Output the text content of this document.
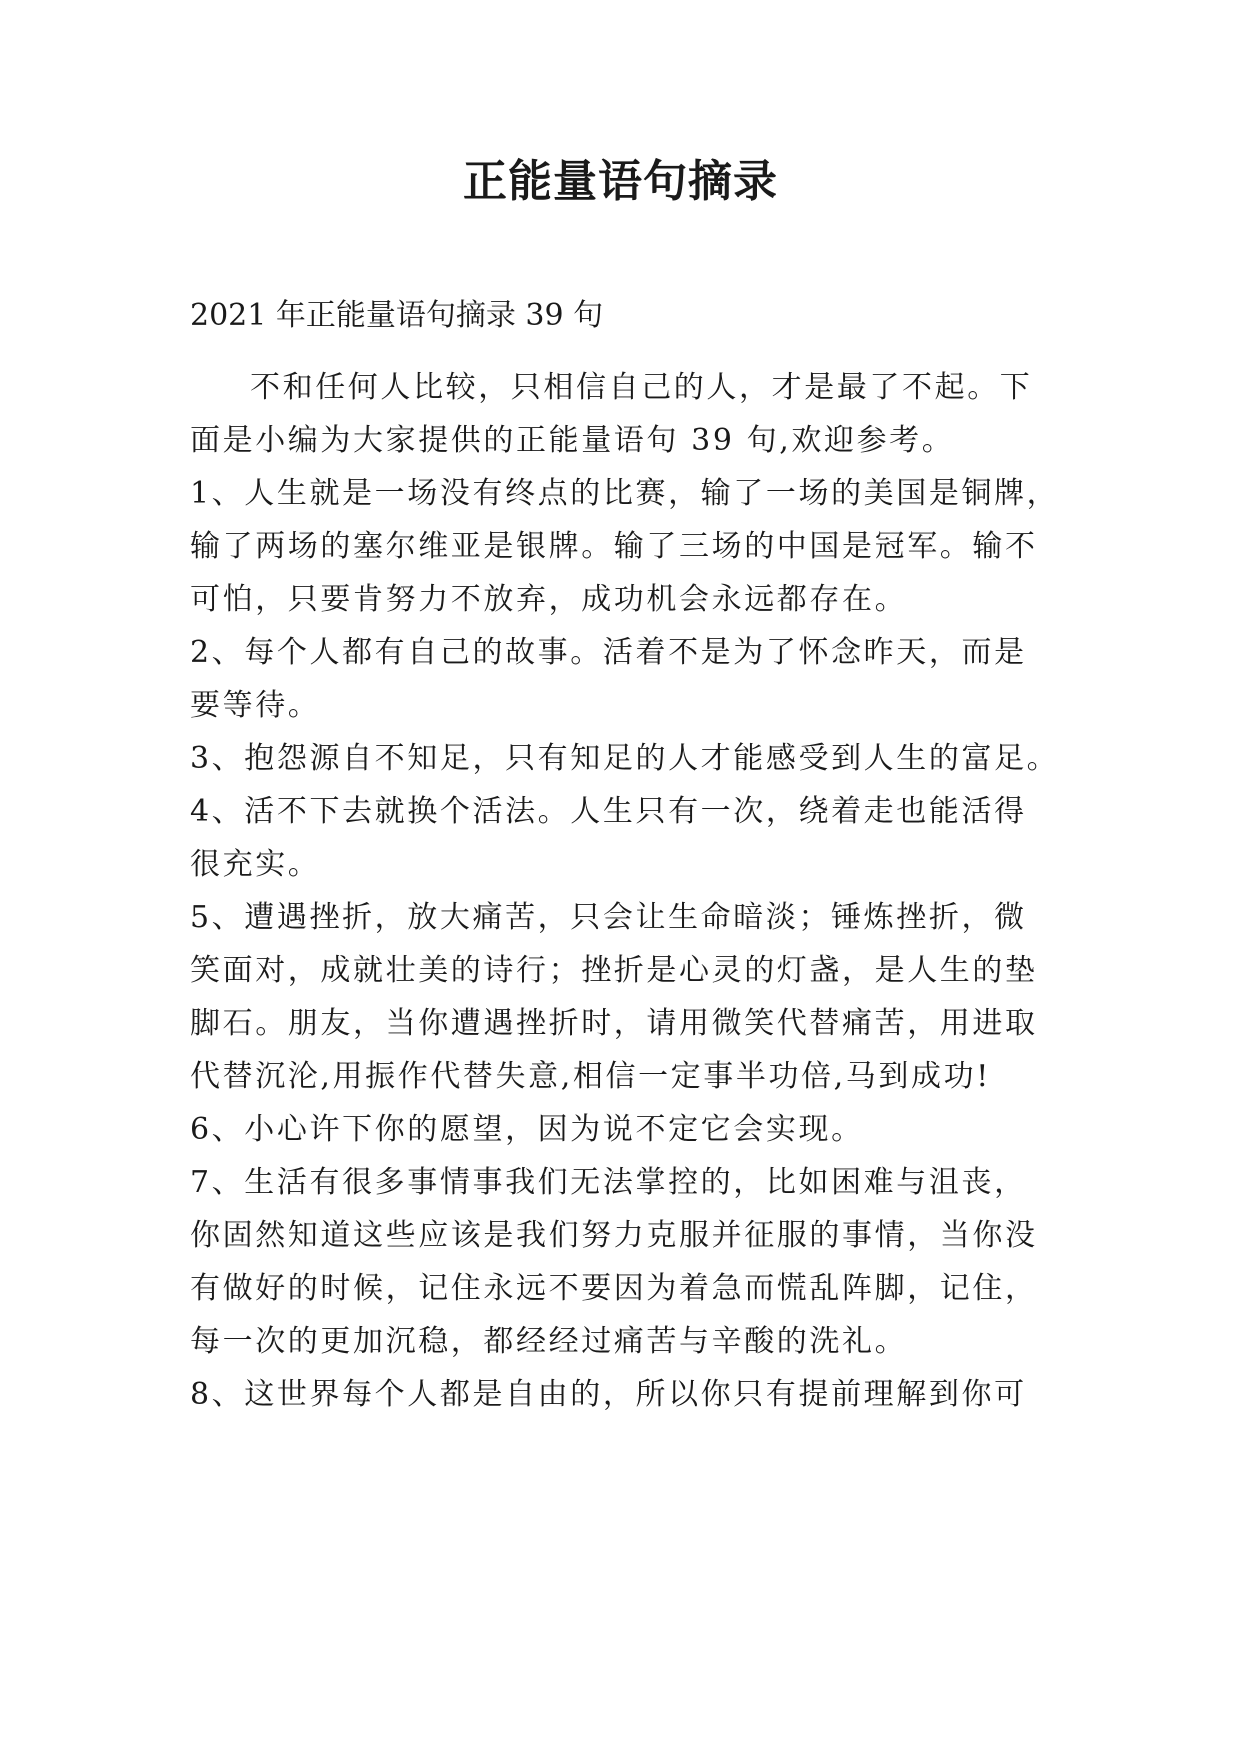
正能量语句摘录
2021 年正能量语句摘录 39 句
不和任何人比较，只相信自己的人，才是最了不起。下
面是小编为大家提供的正能量语句 39 句,欢迎参考。
1、人生就是一场没有终点的比赛，输了一场的美国是铜牌，
输了两场的塞尔维亚是银牌。输了三场的中国是冠军。输不
可怕，只要肯努力不放弃，成功机会永远都存在。
2、每个人都有自己的故事。活着不是为了怀念昨天，而是
要等待。
3、抱怨源自不知足，只有知足的人才能感受到人生的富足。
4、活不下去就换个活法。人生只有一次，绕着走也能活得
很充实。
5、遭遇挫折，放大痛苦，只会让生命暗淡；锤炼挫折，微
笑面对，成就壮美的诗行；挫折是心灵的灯盏，是人生的垫
脚石。朋友，当你遭遇挫折时，请用微笑代替痛苦，用进取
代替沉沦,用振作代替失意,相信一定事半功倍,马到成功!
6、小心许下你的愿望，因为说不定它会实现。
7、生活有很多事情事我们无法掌控的，比如困难与沮丧，
你固然知道这些应该是我们努力克服并征服的事情，当你没
有做好的时候，记住永远不要因为着急而慌乱阵脚，记住，
每一次的更加沉稳，都经经过痛苦与辛酸的洗礼。
8、这世界每个人都是自由的，所以你只有提前理解到你可
